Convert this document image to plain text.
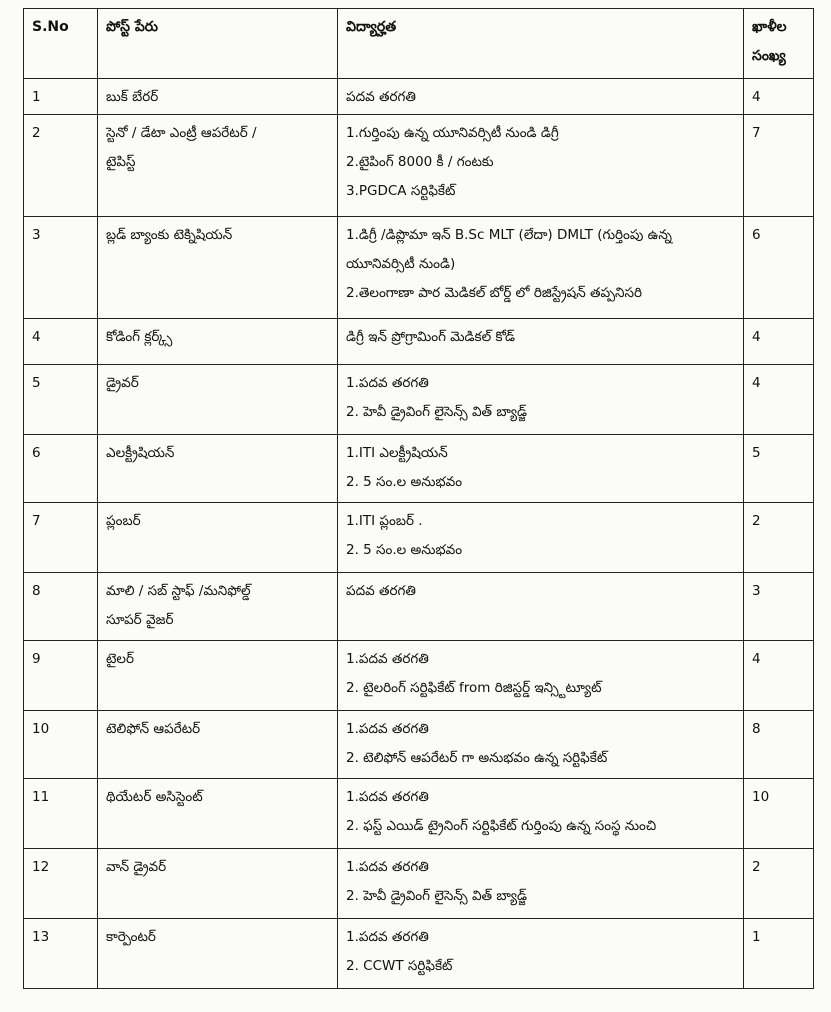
S.No	పోస్ట్ పేరు	విద్యార్హత	ఖాళీల
సంఖ్య

1	బుక్ బేరర్	పదవ తరగతి	4
2	స్టెనో / డేటా ఎంట్రీ ఆపరేటర్ /
టైపిస్ట్	1.గుర్తింపు ఉన్న యూనివర్సిటీ నుండి డిగ్రీ
2.టైపింగ్ 8000 కీ / గంటకు
3.PGDCA సర్టిఫికేట్	7
3	బ్లడ్ బ్యాంకు టెక్నిషియన్	1.డిగ్రీ /డిప్లొమా ఇన్ B.Sc MLT (లేదా) DMLT (గుర్తింపు ఉన్న యూనివర్సిటీ నుండి)
2.తెలంగాణా పార మెడికల్ బోర్డ్ లో రిజిస్ట్రేషన్ తప్పనిసరి	6
4	కోడింగ్ క్లర్క్స్	డిగ్రీ ఇన్ ప్రోగ్రామింగ్ మెడికల్ కోడ్	4
5	డ్రైవర్	1.పదవ తరగతి
2. హెవీ డ్రైవింగ్ లైసెన్స్ విత్ బ్యాడ్జ్	4
6	ఎలక్ట్రీషియన్	1.ITI ఎలక్ట్రీషియన్
2. 5 సం.ల అనుభవం	5
7	ప్లంబర్	1.ITI ప్లంబర్ .
2. 5 సం.ల అనుభవం	2
8	మాలి / సబ్ స్టాఫ్ /మనిఫోల్డ్
సూపర్ వైజర్	పదవ తరగతి	3
9	టైలర్	1.పదవ తరగతి
2. టైలరింగ్ సర్టిఫికేట్ from రిజిస్టర్డ్ ఇన్స్టిట్యూట్	4
10	టెలిఫోన్ ఆపరేటర్	1.పదవ తరగతి
2. టెలిఫోన్ ఆపరేటర్ గా అనుభవం ఉన్న సర్టిఫికేట్	8
11	థియేటర్ అసిస్టెంట్	1.పదవ తరగతి
2. ఫస్ట్ ఎయిడ్ ట్రైనింగ్ సర్టిఫికేట్ గుర్తింపు ఉన్న సంస్థ నుంచి	10
12	వాన్ డ్రైవర్	1.పదవ తరగతి
2. హెవీ డ్రైవింగ్ లైసెన్స్ విత్ బ్యాడ్జ్	2
13	కార్పెంటర్	1.పదవ తరగతి
2. CCWT సర్టిఫికేట్	1
